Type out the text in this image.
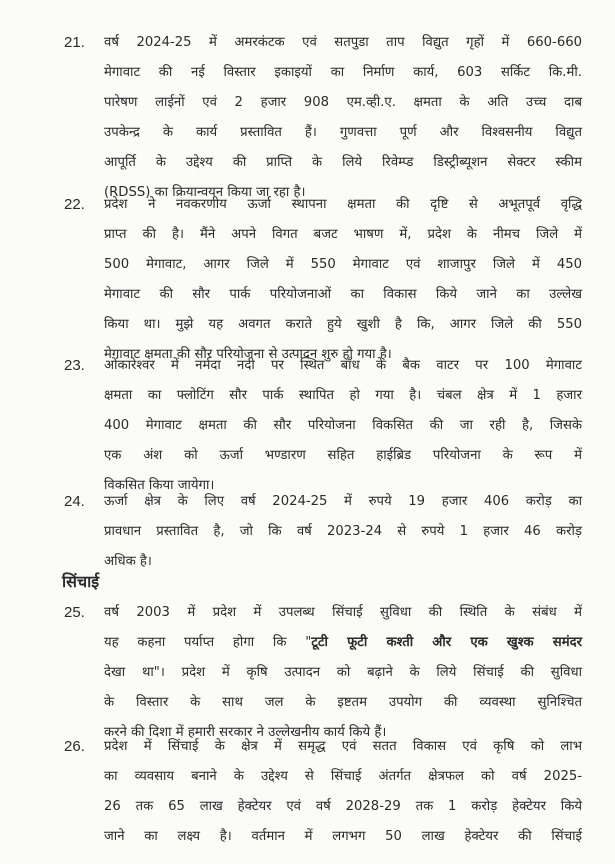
21. वर्ष 2024-25 में अमरकंटक एवं सतपुडा ताप विद्युत गृहों में 660-660
मेगावाट की नई विस्तार इकाइयों का निर्माण कार्य, 603 सर्किट कि.मी.
पारेषण लाईनों एवं 2 हजार 908 एम.व्ही.ए. क्षमता के अति उच्च दाब
उपकेन्द्र के कार्य प्रस्तावित हैं। गुणवत्ता पूर्ण और विश्वसनीय विद्युत
आपूर्ति के उद्देश्य की प्राप्ति के लिये रिवेम्प्ड डिस्ट्रीब्यूशन सेक्टर स्कीम
(RDSS) का क्रियान्वयन किया जा रहा है।
22. प्रदेश ने नवकरणीय ऊर्जा स्थापना क्षमता की दृष्टि से अभूतपूर्व वृद्धि
प्राप्त की है। मैंने अपने विगत बजट भाषण में, प्रदेश के नीमच जिले में
500 मेगावाट, आगर जिले में 550 मेगावाट एवं शाजापुर जिले में 450
मेगावाट की सौर पार्क परियोजनाओं का विकास किये जाने का उल्लेख
किया था। मुझे यह अवगत कराते हुये खुशी है कि, आगर जिले की 550
मेगावाट क्षमता की सौर परियोजना से उत्पादन शुरु हो गया है।
23. ओंकारेश्वर में नर्मदा नदी पर स्थित बाँध के बैक वाटर पर 100 मेगावाट
क्षमता का फ्लोटिंग सौर पार्क स्थापित हो गया है। चंबल क्षेत्र में 1 हजार
400 मेगावाट क्षमता की सौर परियोजना विकसित की जा रही है, जिसके
एक अंश को ऊर्जा भण्डारण सहित हाईब्रिड परियोजना के रूप में
विकसित किया जायेगा।
24. ऊर्जा क्षेत्र के लिए वर्ष 2024-25 में रुपये 19 हजार 406 करोड़ का
प्रावधान प्रस्तावित है, जो कि वर्ष 2023-24 से रुपये 1 हजार 46 करोड़
अधिक है।
सिंचाई
25. वर्ष 2003 में प्रदेश में उपलब्ध सिंचाई सुविधा की स्थिति के संबंध में
यह कहना पर्याप्त होगा कि "टूटी फूटी कश्ती और एक खुश्क समंदर
देखा था"। प्रदेश में कृषि उत्पादन को बढ़ाने के लिये सिंचाई की सुविधा
के विस्तार के साथ जल के इष्टतम उपयोग की व्यवस्था सुनिश्चित
करने की दिशा में हमारी सरकार ने उल्लेखनीय कार्य किये हैं।
26. प्रदेश में सिंचाई के क्षेत्र में समृद्ध एवं सतत विकास एवं कृषि को लाभ
का व्यवसाय बनाने के उद्देश्य से सिंचाई अंतर्गत क्षेत्रफल को वर्ष 2025-
26 तक 65 लाख हेक्टेयर एवं वर्ष 2028-29 तक 1 करोड़ हेक्टेयर किये
जाने का लक्ष्य है। वर्तमान में लगभग 50 लाख हेक्टेयर की सिंचाई
